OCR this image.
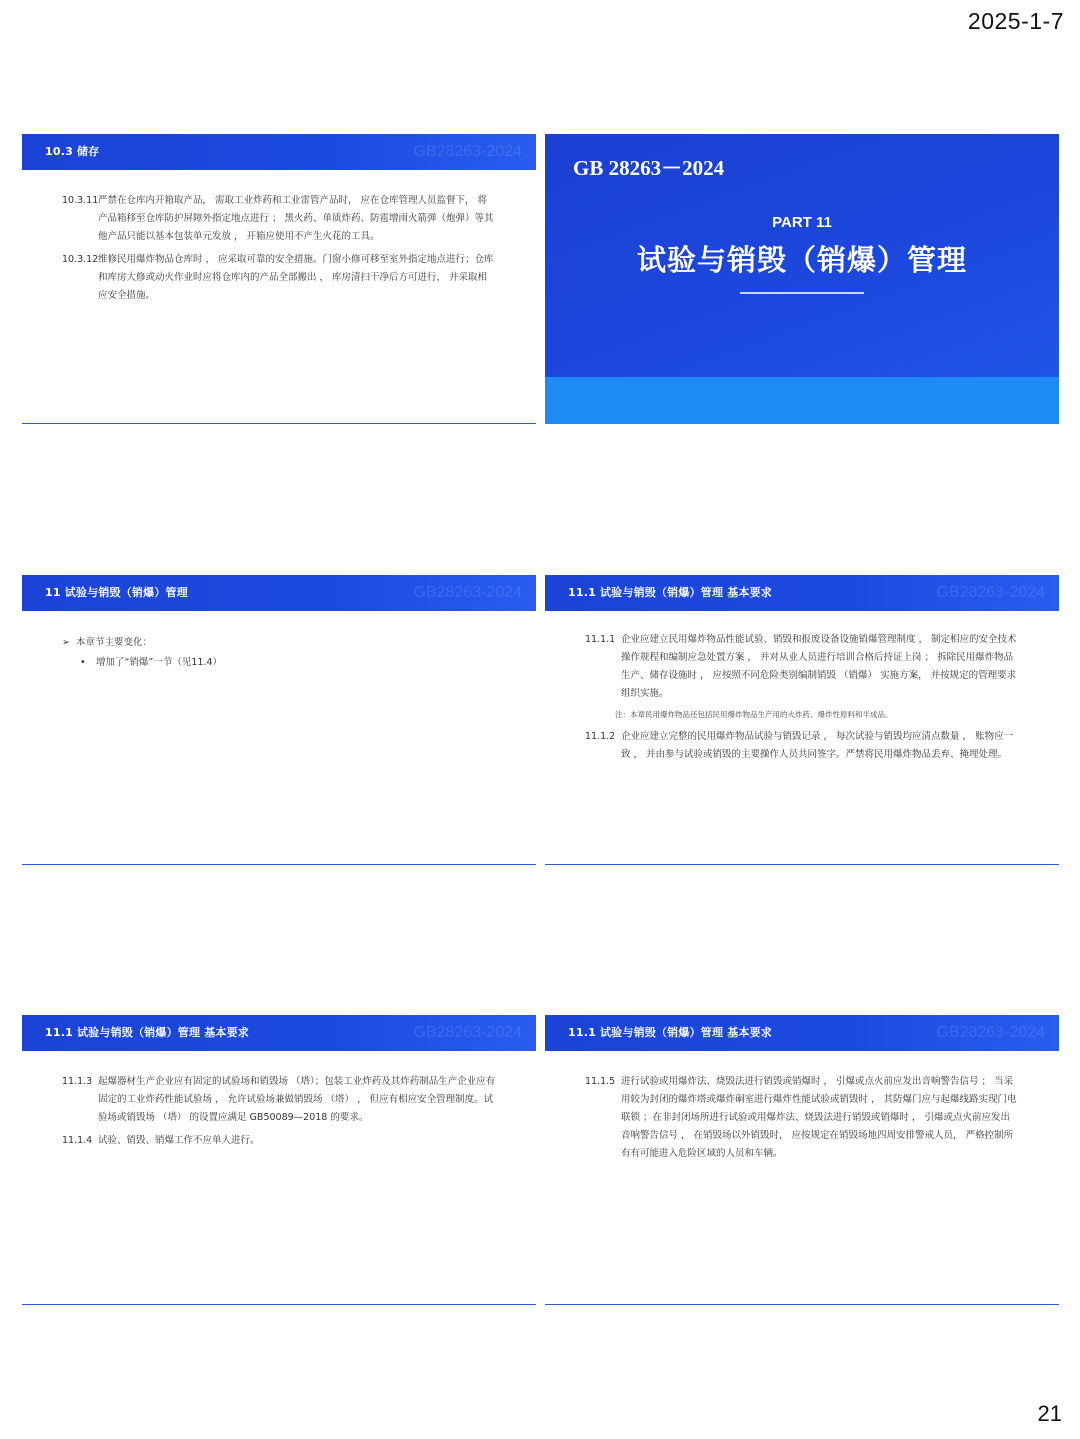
2025-1-7
10.3 储存	GB28263-2024
10.3.11 严禁在仓库内开箱取产品， 需取工业炸药和工业雷管产品时， 应在仓库管理人员监督下， 将产品箱移至仓库防护屏障外指定地点进行 ； 黑火药、单质炸药、防雹增雨火箭弹（炮弹）等其他产品只能以基本包装单元发放 ， 开箱应使用不产生火花的工具。
10.3.12 维修民用爆炸物品仓库时 ， 应采取可靠的安全措施。门窗小修可移至室外指定地点进行；仓库和库房大修或动火作业时应将仓库内的产品全部搬出 ， 库房清扫干净后方可进行， 并采取相应安全措施。
GB 28263－2024
PART 11
试验与销毁（销爆）管理
11 试验与销毁（销爆）管理	GB28263-2024
➢ 本章节主要变化：
• 增加了“销爆”一节（见11.4）
11.1 试验与销毁（销爆）管理 基本要求	GB28263-2024
11.1.1 企业应建立民用爆炸物品性能试验、销毁和报废设备设施销爆管理制度 ， 制定相应的安全技术操作规程和编制应急处置方案 ， 并对从业人员进行培训合格后持证上岗 ； 拆除民用爆炸物品生产、储存设施时 ， 应按照不同危险类别编制销毁 （销爆） 实施方案， 并按规定的管理要求组织实施。
注：本章民用爆炸物品还包括民用爆炸物品生产用的火炸药、爆炸性原料和半成品。
11.1.2 企业应建立完整的民用爆炸物品试验与销毁记录 ， 每次试验与销毁均应清点数量 ， 账物应一致 ， 并由参与试验或销毁的主要操作人员共同签字。严禁将民用爆炸物品丢弃、掩埋处理。
11.1 试验与销毁（销爆）管理 基本要求	GB28263-2024
11.1.3 起爆器材生产企业应有固定的试验场和销毁场 （塔）；包装工业炸药及其炸药制品生产企业应有固定的工业炸药性能试验场 ， 允许试验场兼做销毁场 （塔） ， 但应有相应安全管理制度。试验场或销毁场 （塔） 的设置应满足 GB50089—2018 的要求。
11.1.4 试验、销毁、销爆工作不应单人进行。
11.1 试验与销毁（销爆）管理 基本要求	GB28263-2024
11.1.5 进行试验或用爆炸法、烧毁法进行销毁或销爆时 ， 引爆或点火前应发出音响警告信号 ； 当采用较为封闭的爆炸塔或爆炸硐室进行爆炸性能试验或销毁时 ， 其防爆门应与起爆线路实现门电联锁 ；在非封闭场所进行试验或用爆炸法、烧毁法进行销毁或销爆时 ， 引爆或点火前应发出音响警告信号 ， 在销毁场以外销毁时， 应按规定在销毁场地四周安排警戒人员， 严格控制所有有可能进入危险区域的人员和车辆。
21
